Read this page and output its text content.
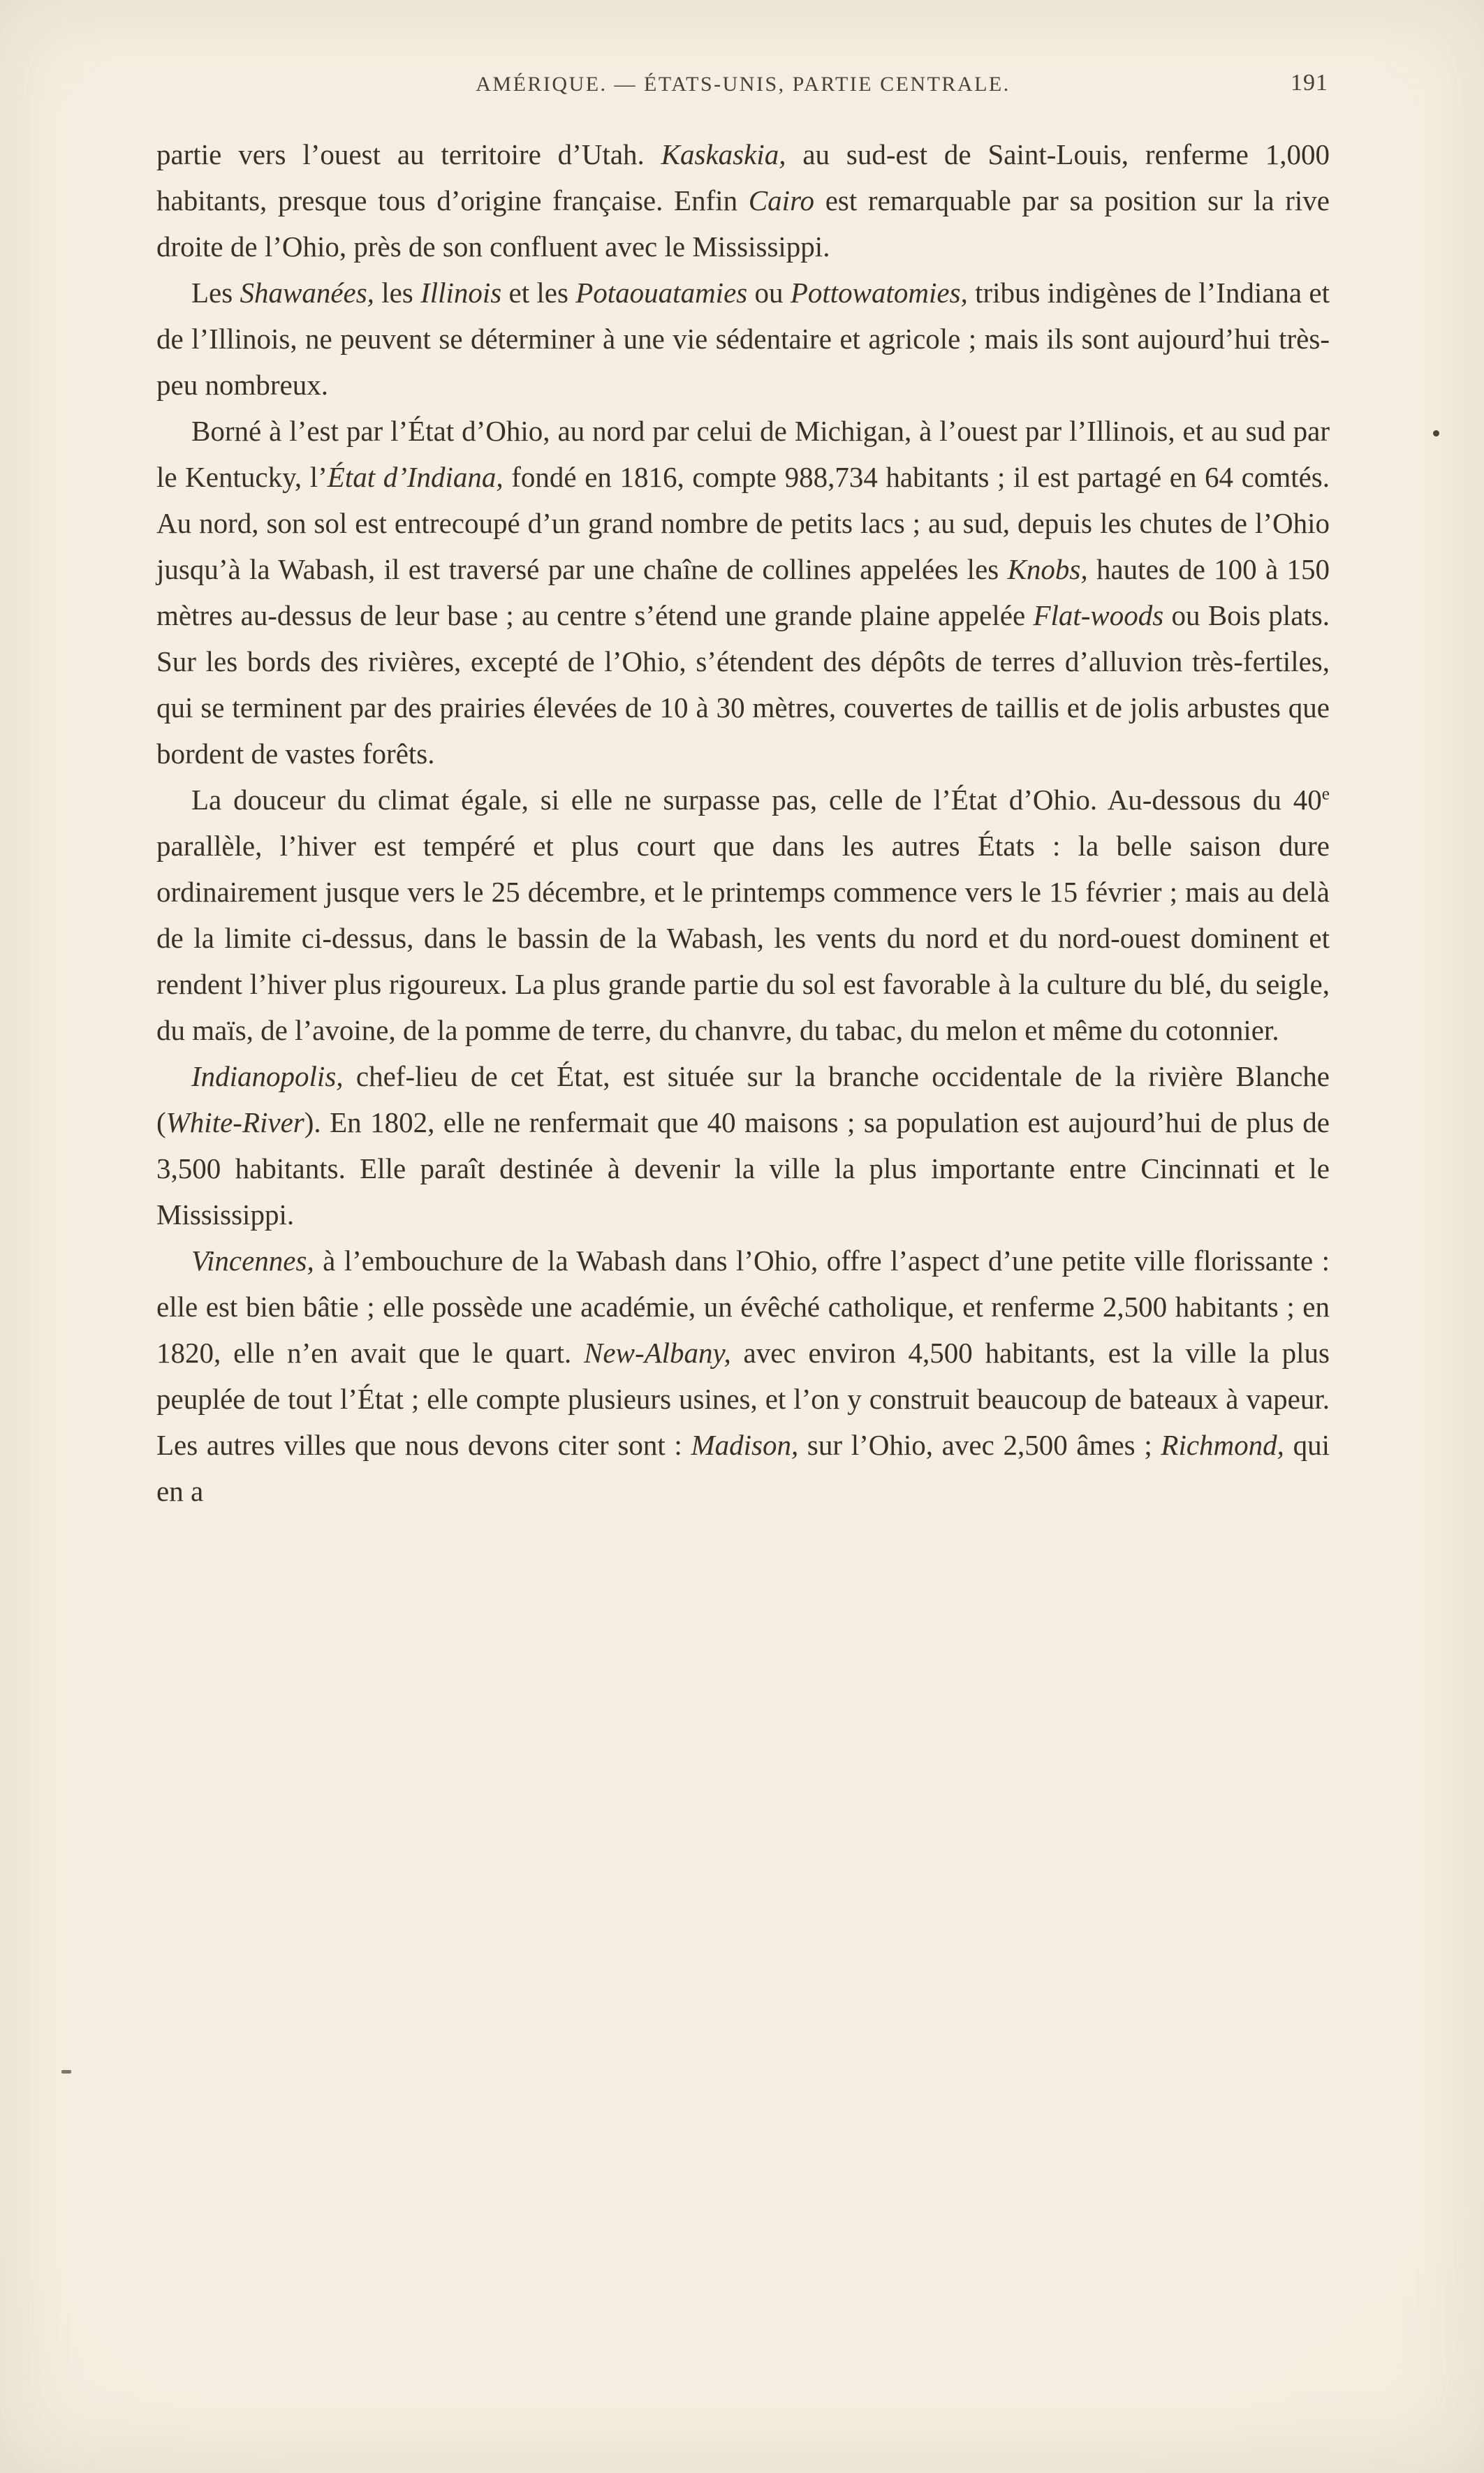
AMÉRIQUE. — ÉTATS-UNIS, PARTIE CENTRALE.	191

partie vers l’ouest au territoire d’Utah. Kaskaskia, au sud-est de Saint-Louis, renferme 1,000 habitants, presque tous d’origine française. Enfin Cairo est remarquable par sa position sur la rive droite de l’Ohio, près de son confluent avec le Mississippi.

Les Shawanées, les Illinois et les Potaouatamies ou Pottowatomies, tribus indigènes de l’Indiana et de l’Illinois, ne peuvent se déterminer à une vie sédentaire et agricole ; mais ils sont aujourd’hui très-peu nombreux.

Borné à l’est par l’État d’Ohio, au nord par celui de Michigan, à l’ouest par l’Illinois, et au sud par le Kentucky, l’État d’Indiana, fondé en 1816, compte 988,734 habitants ; il est partagé en 64 comtés. Au nord, son sol est entrecoupé d’un grand nombre de petits lacs ; au sud, depuis les chutes de l’Ohio jusqu’à la Wabash, il est traversé par une chaîne de collines appelées les Knobs, hautes de 100 à 150 mètres au-dessus de leur base ; au centre s’étend une grande plaine appelée Flat-woods ou Bois plats. Sur les bords des rivières, excepté de l’Ohio, s’étendent des dépôts de terres d’alluvion très-fertiles, qui se terminent par des prairies élevées de 10 à 30 mètres, couvertes de taillis et de jolis arbustes que bordent de vastes forêts.

La douceur du climat égale, si elle ne surpasse pas, celle de l’État d’Ohio. Au-dessous du 40e parallèle, l’hiver est tempéré et plus court que dans les autres États : la belle saison dure ordinairement jusque vers le 25 décembre, et le printemps commence vers le 15 février ; mais au delà de la limite ci-dessus, dans le bassin de la Wabash, les vents du nord et du nord-ouest dominent et rendent l’hiver plus rigoureux. La plus grande partie du sol est favorable à la culture du blé, du seigle, du maïs, de l’avoine, de la pomme de terre, du chanvre, du tabac, du melon et même du cotonnier.

Indianopolis, chef-lieu de cet État, est située sur la branche occidentale de la rivière Blanche (White-River). En 1802, elle ne renfermait que 40 maisons ; sa population est aujourd’hui de plus de 3,500 habitants. Elle paraît destinée à devenir la ville la plus importante entre Cincinnati et le Mississippi.

Vincennes, à l’embouchure de la Wabash dans l’Ohio, offre l’aspect d’une petite ville florissante : elle est bien bâtie ; elle possède une académie, un évêché catholique, et renferme 2,500 habitants ; en 1820, elle n’en avait que le quart. New-Albany, avec environ 4,500 habitants, est la ville la plus peuplée de tout l’État ; elle compte plusieurs usines, et l’on y construit beaucoup de bateaux à vapeur. Les autres villes que nous devons citer sont : Madison, sur l’Ohio, avec 2,500 âmes ; Richmond, qui en a
